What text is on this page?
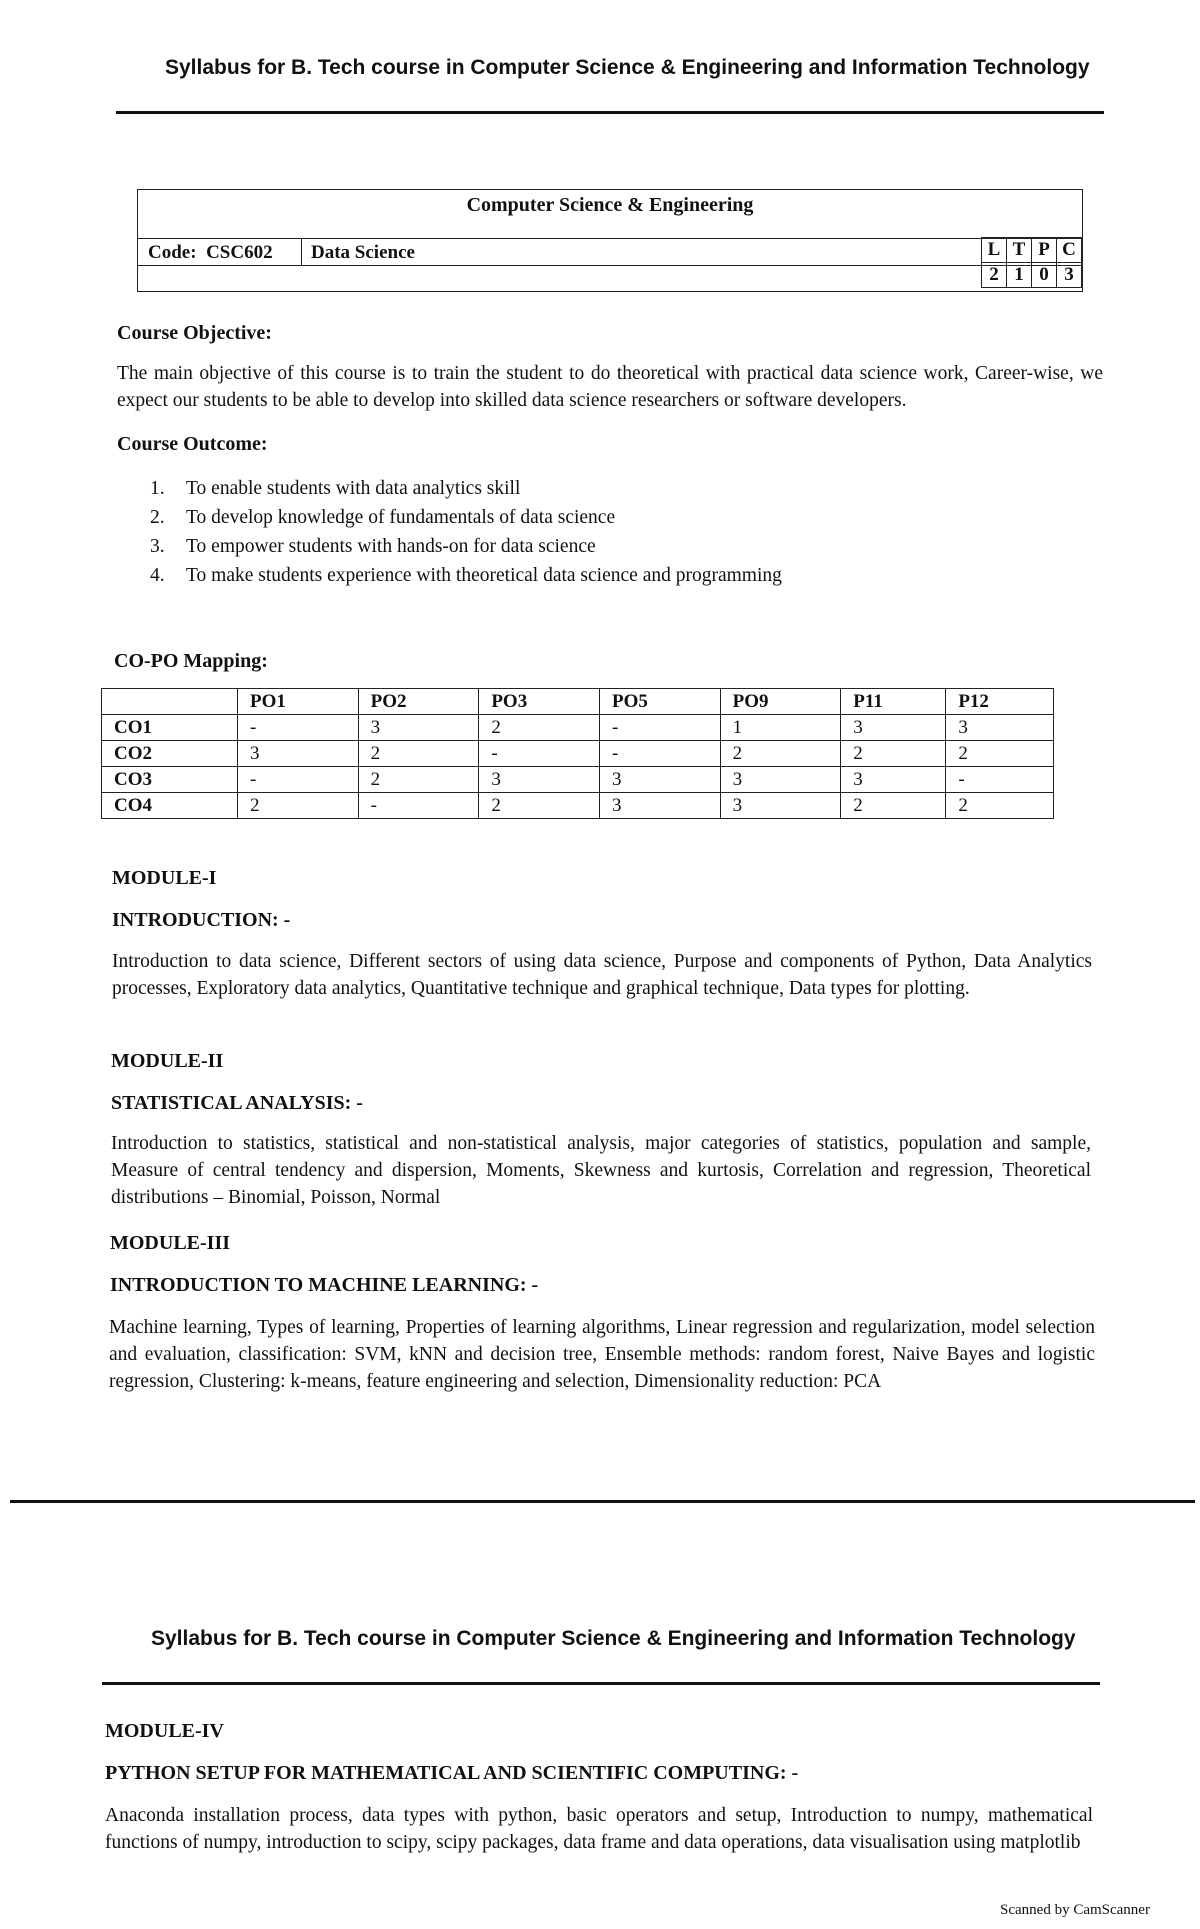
Syllabus for B. Tech course in Computer Science & Engineering and Information Technology
Computer Science & Engineering
Code: CSC602 Data Science	L	T	P	C
2	1	0	3
Course Objective:
The main objective of this course is to train the student to do theoretical with practical data science work, Career-wise, we expect our students to be able to develop into skilled data science researchers or software developers.
Course Outcome:
1. To enable students with data analytics skill
2. To develop knowledge of fundamentals of data science
3. To empower students with hands-on for data science
4. To make students experience with theoretical data science and programming
CO-PO Mapping:
	PO1	PO2	PO3	PO5	PO9	P11	P12
CO1	-	3	2	-	1	3	3
CO2	3	2	-	-	2	2	2
CO3	-	2	3	3	3	3	-
CO4	2	-	2	3	3	2	2
MODULE-I
INTRODUCTION: -
Introduction to data science, Different sectors of using data science, Purpose and components of Python, Data Analytics processes, Exploratory data analytics, Quantitative technique and graphical technique, Data types for plotting.
MODULE-II
STATISTICAL ANALYSIS: -
Introduction to statistics, statistical and non-statistical analysis, major categories of statistics, population and sample, Measure of central tendency and dispersion, Moments, Skewness and kurtosis, Correlation and regression, Theoretical distributions – Binomial, Poisson, Normal
MODULE-III
INTRODUCTION TO MACHINE LEARNING: -
Machine learning, Types of learning, Properties of learning algorithms, Linear regression and regularization, model selection and evaluation, classification: SVM, kNN and decision tree, Ensemble methods: random forest, Naive Bayes and logistic regression, Clustering: k-means, feature engineering and selection, Dimensionality reduction: PCA
Syllabus for B. Tech course in Computer Science & Engineering and Information Technology
MODULE-IV
PYTHON SETUP FOR MATHEMATICAL AND SCIENTIFIC COMPUTING: -
Anaconda installation process, data types with python, basic operators and setup, Introduction to numpy, mathematical functions of numpy, introduction to scipy, scipy packages, data frame and data operations, data visualisation using matplotlib
Scanned by CamScanner
